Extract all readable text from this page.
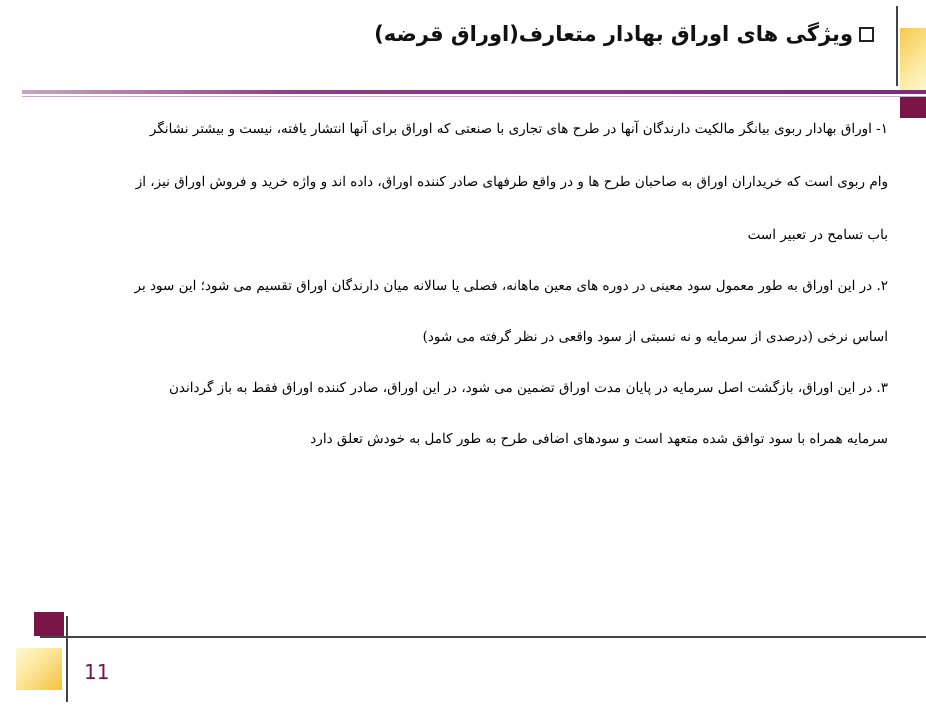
ویژگی های اوراق بهادار متعارف(اوراق قرضه)
۱- اوراق بهادار ربوی بیانگر مالکیت دارندگان آنها در طرح های تجاری با صنعتی که اوراق برای آنها انتشار یافته، نیست و بیشتر نشانگر
وام ربوی است که خریداران اوراق به صاحبان طرح ها و در واقع طرفهای صادر کننده اوراق، داده اند و واژه خرید و فروش اوراق نیز، از
باب تسامح در تعبیر است
۲. در این اوراق به طور معمول سود معینی در دوره های معین ماهانه، فصلی یا سالانه میان دارندگان اوراق تقسیم می شود؛ این سود بر
اساس نرخی (درصدی از سرمایه و نه نسبتی از سود واقعی در نظر گرفته می شود)
۳. در این اوراق، بازگشت اصل سرمایه در پایان مدت اوراق تضمین می شود، در این اوراق، صادر کننده اوراق فقط به باز گرداندن
سرمایه همراه با سود توافق شده متعهد است و سودهای اضافی طرح به طور کامل به خودش تعلق دارد
11
